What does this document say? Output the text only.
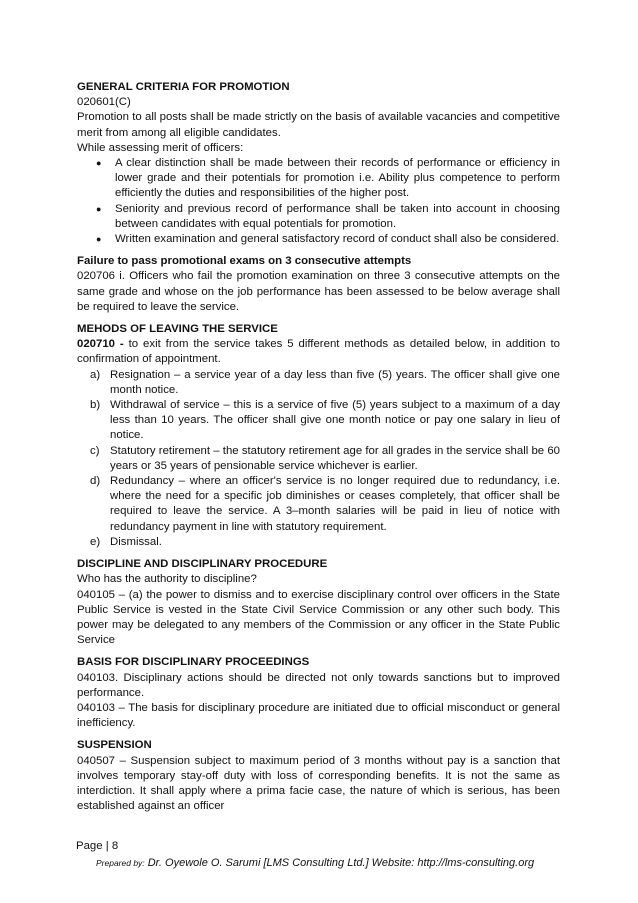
GENERAL CRITERIA FOR PROMOTION

020601(C)

Promotion to all posts shall be made strictly on the basis of available vacancies and competitive merit from among all eligible candidates.

While assessing merit of officers:

● A clear distinction shall be made between their records of performance or efficiency in lower grade and their potentials for promotion i.e. Ability plus competence to perform efficiently the duties and responsibilities of the higher post.
● Seniority and previous record of performance shall be taken into account in choosing between candidates with equal potentials for promotion.
● Written examination and general satisfactory record of conduct shall also be considered.

Failure to pass promotional exams on 3 consecutive attempts

020706 i. Officers who fail the promotion examination on three 3 consecutive attempts on the same grade and whose on the job performance has been assessed to be below average shall be required to leave the service.

MEHODS OF LEAVING THE SERVICE

020710 - to exit from the service takes 5 different methods as detailed below, in addition to confirmation of appointment.

a) Resignation – a service year of a day less than five (5) years. The officer shall give one month notice.
b) Withdrawal of service – this is a service of five (5) years subject to a maximum of a day less than 10 years. The officer shall give one month notice or pay one salary in lieu of notice.
c) Statutory retirement – the statutory retirement age for all grades in the service shall be 60 years or 35 years of pensionable service whichever is earlier.
d) Redundancy – where an officer's service is no longer required due to redundancy, i.e. where the need for a specific job diminishes or ceases completely, that officer shall be required to leave the service. A 3–month salaries will be paid in lieu of notice with redundancy payment in line with statutory requirement.
e) Dismissal.

DISCIPLINE AND DISCIPLINARY PROCEDURE

Who has the authority to discipline?

040105 – (a) the power to dismiss and to exercise disciplinary control over officers in the State Public Service is vested in the State Civil Service Commission or any other such body. This power may be delegated to any members of the Commission or any officer in the State Public Service

BASIS FOR DISCIPLINARY PROCEEDINGS

040103. Disciplinary actions should be directed not only towards sanctions but to improved performance.

040103 – The basis for disciplinary procedure are initiated due to official misconduct or general inefficiency.

SUSPENSION

040507 – Suspension subject to maximum period of 3 months without pay is a sanction that involves temporary stay-off duty with loss of corresponding benefits. It is not the same as interdiction. It shall apply where a prima facie case, the nature of which is serious, has been established against an officer

Page | 8
Prepared by: Dr. Oyewole O. Sarumi [LMS Consulting Ltd.] Website: http://lms-consulting.org
